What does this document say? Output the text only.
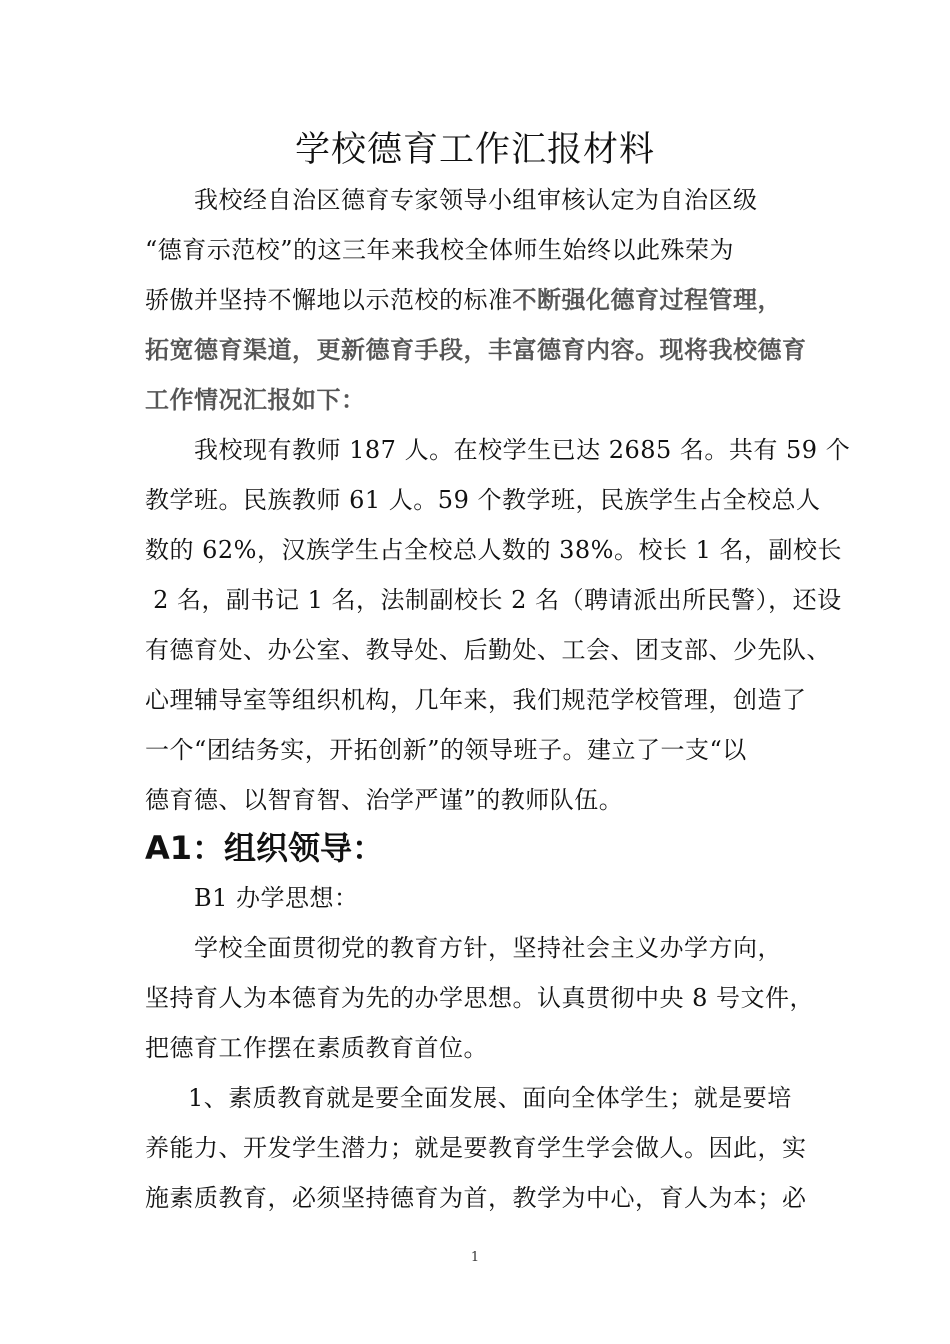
学校德育工作汇报材料
我校经自治区德育专家领导小组审核认定为自治区级
“德育示范校”的这三年来我校全体师生始终以此殊荣为
骄傲并坚持不懈地以示范校的标准不断强化德育过程管理，
拓宽德育渠道，更新德育手段，丰富德育内容。现将我校德育
工作情况汇报如下：
我校现有教师 187 人。在校学生已达 2685 名。共有 59 个
教学班。民族教师 61 人。59 个教学班，民族学生占全校总人
数的 62%，汉族学生占全校总人数的 38%。校长 1 名，副校长
2 名，副书记 1 名，法制副校长 2 名（聘请派出所民警），还设
有德育处、办公室、教导处、后勤处、工会、团支部、少先队、
心理辅导室等组织机构，几年来，我们规范学校管理，创造了
一个“团结务实，开拓创新”的领导班子。建立了一支“以
德育德、以智育智、治学严谨”的教师队伍。
A1：组织领导：
B1 办学思想：
学校全面贯彻党的教育方针，坚持社会主义办学方向，
坚持育人为本德育为先的办学思想。认真贯彻中央 8 号文件，
把德育工作摆在素质教育首位。
1、素质教育就是要全面发展、面向全体学生；就是要培
养能力、开发学生潜力；就是要教育学生学会做人。因此，实
施素质教育，必须坚持德育为首，教学为中心，育人为本；必
1
